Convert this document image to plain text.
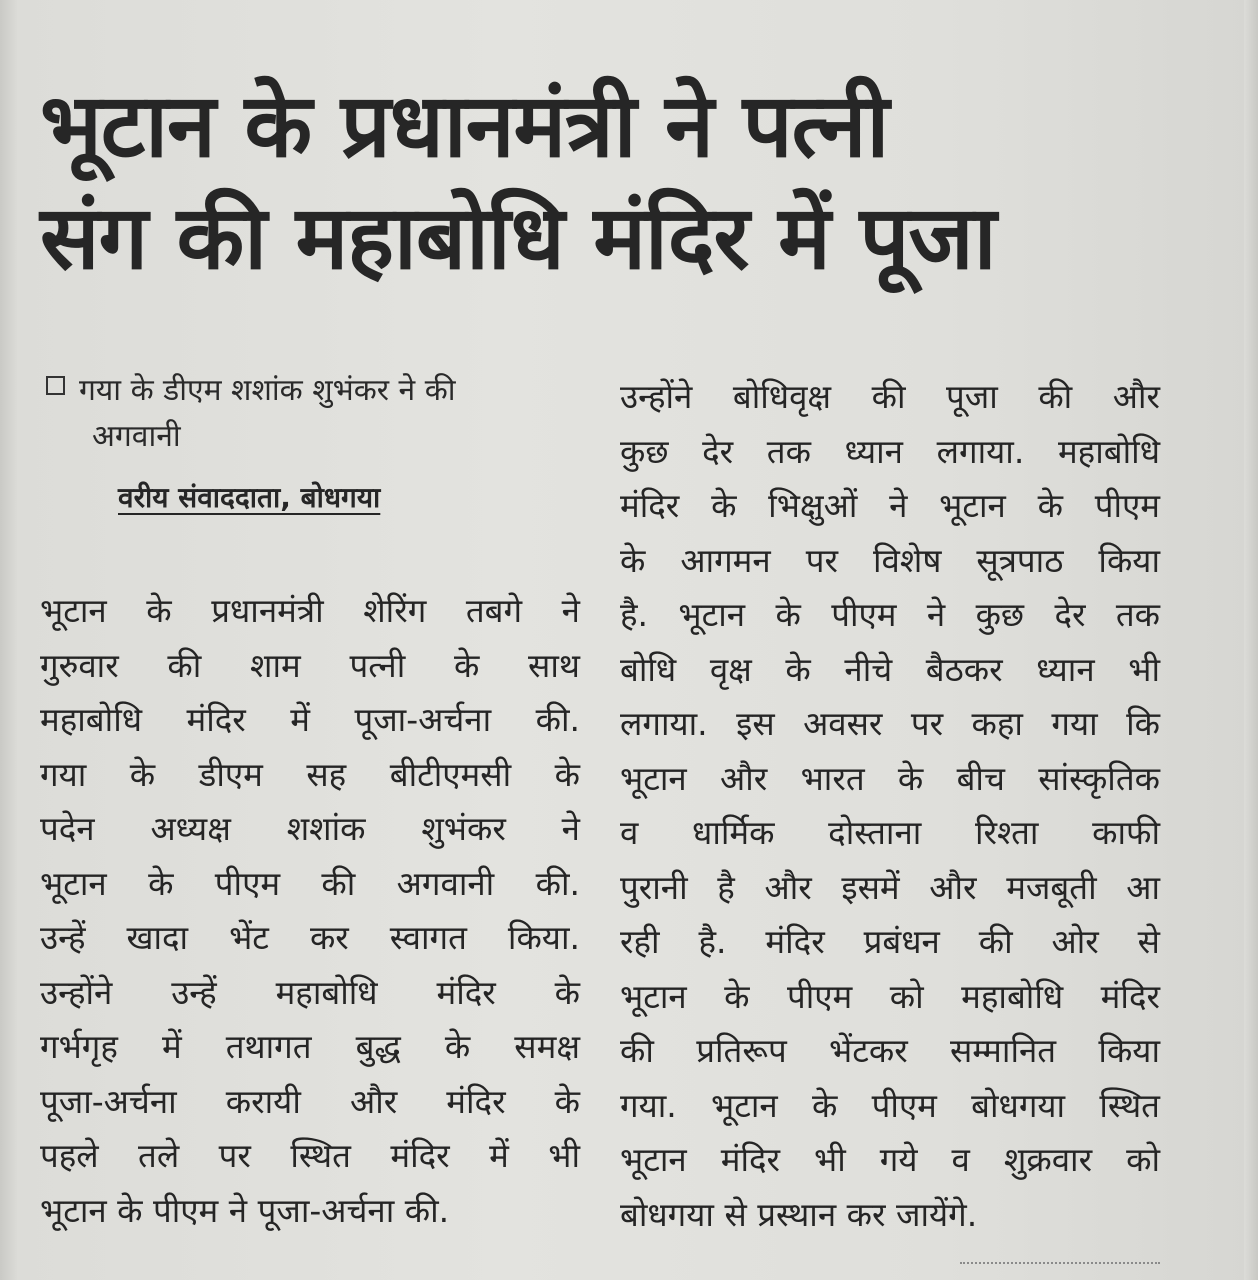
भूटान के प्रधानमंत्री ने पत्नी
संग की महाबोधि मंदिर में पूजा
गया के डीएम शशांक शुभंकर ने की
अगवानी
वरीय संवाददाता, बोधगया
भूटान के प्रधानमंत्री शेरिंग तबगे ने
गुरुवार की शाम पत्नी के साथ
महाबोधि मंदिर में पूजा-अर्चना की.
गया के डीएम सह बीटीएमसी के
पदेन अध्यक्ष शशांक शुभंकर ने
भूटान के पीएम की अगवानी की.
उन्हें खादा भेंट कर स्वागत किया.
उन्होंने उन्हें महाबोधि मंदिर के
गर्भगृह में तथागत बुद्ध के समक्ष
पूजा-अर्चना करायी और मंदिर के
पहले तले पर स्थित मंदिर में भी
भूटान के पीएम ने पूजा-अर्चना की.
उन्होंने बोधिवृक्ष की पूजा की और
कुछ देर तक ध्यान लगाया. महाबोधि
मंदिर के भिक्षुओं ने भूटान के पीएम
के आगमन पर विशेष सूत्रपाठ किया
है. भूटान के पीएम ने कुछ देर तक
बोधि वृक्ष के नीचे बैठकर ध्यान भी
लगाया. इस अवसर पर कहा गया कि
भूटान और भारत के बीच सांस्कृतिक
व धार्मिक दोस्ताना रिश्ता काफी
पुरानी है और इसमें और मजबूती आ
रही है. मंदिर प्रबंधन की ओर से
भूटान के पीएम को महाबोधि मंदिर
की प्रतिरूप भेंटकर सम्मानित किया
गया. भूटान के पीएम बोधगया स्थित
भूटान मंदिर भी गये व शुक्रवार को
बोधगया से प्रस्थान कर जायेंगे.
